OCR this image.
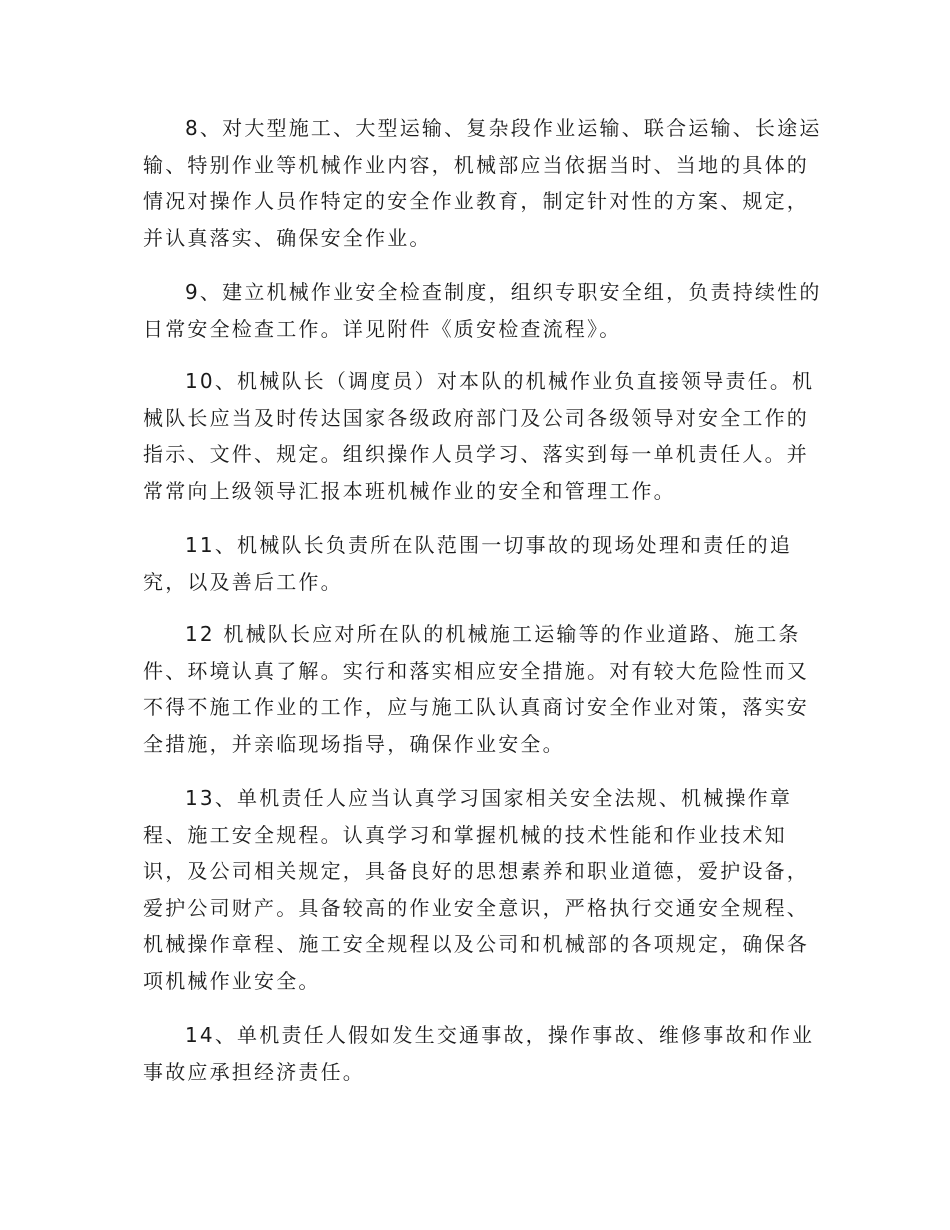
8、对大型施工、大型运输、复杂段作业运输、联合运输、长途运
输、特别作业等机械作业内容，机械部应当依据当时、当地的具体的
情况对操作人员作特定的安全作业教育，制定针对性的方案、规定，
并认真落实、确保安全作业。

9、建立机械作业安全检查制度，组织专职安全组，负责持续性的
日常安全检查工作。详见附件《质安检查流程》。

10、机械队长（调度员）对本队的机械作业负直接领导责任。机
械队长应当及时传达国家各级政府部门及公司各级领导对安全工作的
指示、文件、规定。组织操作人员学习、落实到每一单机责任人。并
常常向上级领导汇报本班机械作业的安全和管理工作。

11、机械队长负责所在队范围一切事故的现场处理和责任的追
究，以及善后工作。

12 机械队长应对所在队的机械施工运输等的作业道路、施工条
件、环境认真了解。实行和落实相应安全措施。对有较大危险性而又
不得不施工作业的工作，应与施工队认真商讨安全作业对策，落实安
全措施，并亲临现场指导，确保作业安全。

13、单机责任人应当认真学习国家相关安全法规、机械操作章
程、施工安全规程。认真学习和掌握机械的技术性能和作业技术知
识，及公司相关规定，具备良好的思想素养和职业道德，爱护设备，
爱护公司财产。具备较高的作业安全意识，严格执行交通安全规程、
机械操作章程、施工安全规程以及公司和机械部的各项规定，确保各
项机械作业安全。

14、单机责任人假如发生交通事故，操作事故、维修事故和作业
事故应承担经济责任。
